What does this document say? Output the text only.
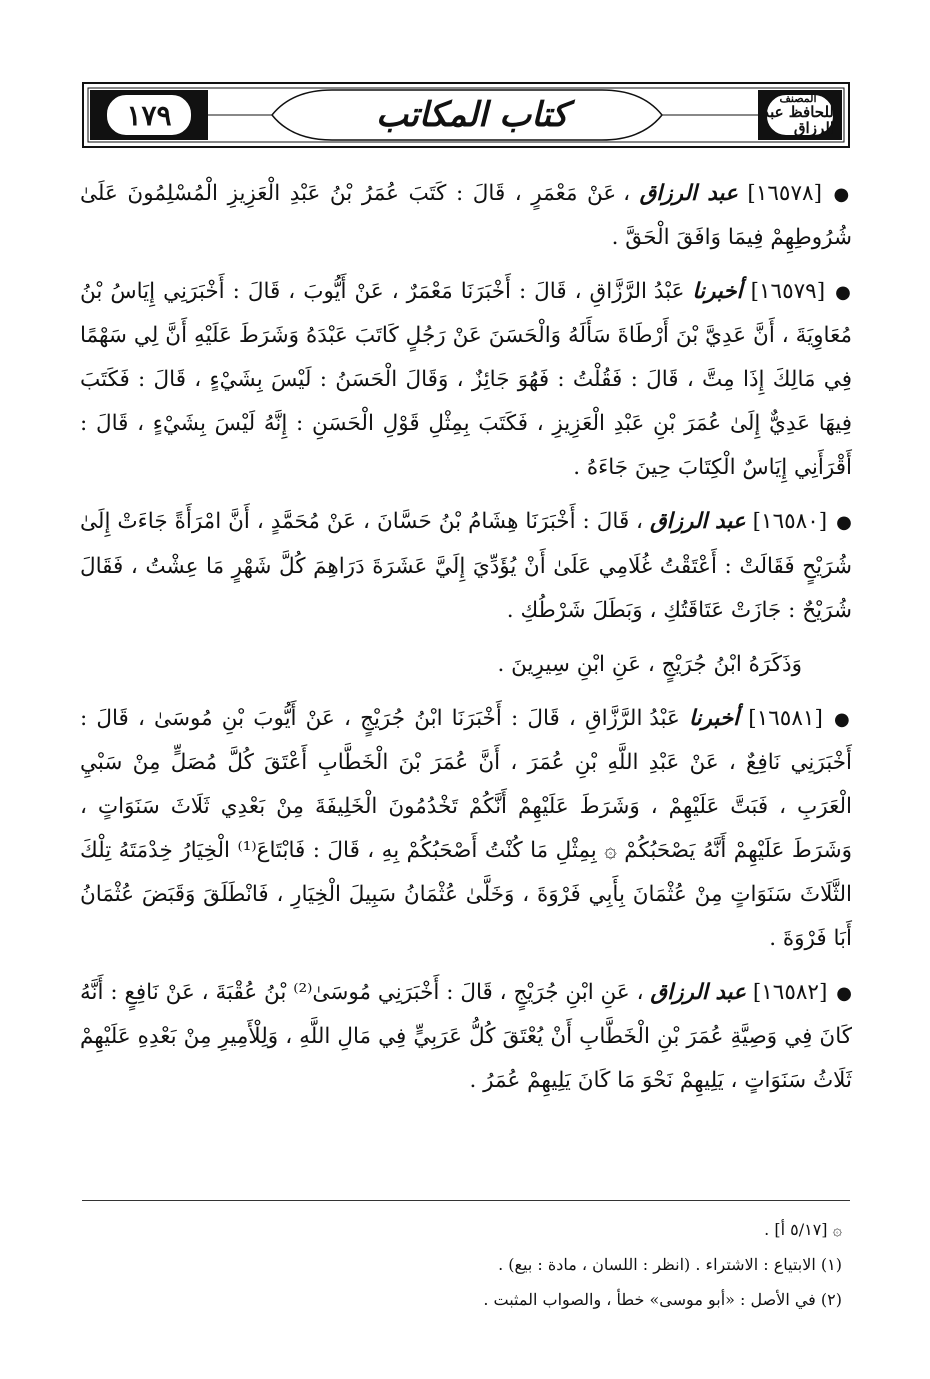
١٧٩	كتاب المكاتب	المصنف
للحافظ عبد الرزاق

● [١٦٥٧٨] عبد الرزاق ، عَنْ مَعْمَرٍ ، قَالَ : كَتَبَ عُمَرُ بْنُ عَبْدِ الْعَزِيزِ الْمُسْلِمُونَ عَلَىٰ شُرُوطِهِمْ فِيمَا وَافَقَ الْحَقَّ .

● [١٦٥٧٩] أخبرنا عَبْدُ الرَّزَّاقِ ، قَالَ : أَخْبَرَنَا مَعْمَرٌ ، عَنْ أَيُّوبَ ، قَالَ : أَخْبَرَنِي إِيَاسُ بْنُ مُعَاوِيَةَ ، أَنَّ عَدِيَّ بْنَ أَرْطَاةَ سَأَلَهُ وَالْحَسَنَ عَنْ رَجُلٍ كَاتَبَ عَبْدَهُ وَشَرَطَ عَلَيْهِ أَنَّ لِي سَهْمًا فِي مَالِكَ إِذَا مِتَّ ، قَالَ : فَقُلْتُ : فَهُوَ جَائِزٌ ، وَقَالَ الْحَسَنُ : لَيْسَ بِشَيْءٍ ، قَالَ : فَكَتَبَ فِيهَا عَدِيٌّ إِلَىٰ عُمَرَ بْنِ عَبْدِ الْعَزِيزِ ، فَكَتَبَ بِمِثْلِ قَوْلِ الْحَسَنِ : إِنَّهُ لَيْسَ بِشَيْءٍ ، قَالَ : أَقْرَأَنِي إِيَاسٌ الْكِتَابَ حِينَ جَاءَهُ .

● [١٦٥٨٠] عبد الرزاق ، قَالَ : أَخْبَرَنَا هِشَامُ بْنُ حَسَّانَ ، عَنْ مُحَمَّدٍ ، أَنَّ امْرَأَةً جَاءَتْ إِلَىٰ شُرَيْحٍ فَقَالَتْ : أَعْتَقْتُ غُلَامِي عَلَىٰ أَنْ يُؤَدِّيَ إِلَيَّ عَشَرَةَ دَرَاهِمَ كُلَّ شَهْرٍ مَا عِشْتُ ، فَقَالَ شُرَيْحٌ : جَازَتْ عَتَاقَتُكِ ، وَبَطَلَ شَرْطُكِ .

وَذَكَرَهُ ابْنُ جُرَيْجٍ ، عَنِ ابْنِ سِيرِينَ .

● [١٦٥٨١] أخبرنا عَبْدُ الرَّزَّاقِ ، قَالَ : أَخْبَرَنَا ابْنُ جُرَيْجٍ ، عَنْ أَيُّوبَ بْنِ مُوسَىٰ ، قَالَ : أَخْبَرَنِي نَافِعٌ ، عَنْ عَبْدِ اللَّهِ بْنِ عُمَرَ ، أَنَّ عُمَرَ بْنَ الْخَطَّابِ أَعْتَقَ كُلَّ مُصَلٍّ مِنْ سَبْيِ الْعَرَبِ ، فَبَتَّ عَلَيْهِمْ ، وَشَرَطَ عَلَيْهِمْ أَنَّكُمْ تَخْدُمُونَ الْخَلِيفَةَ مِنْ بَعْدِي ثَلَاثَ سَنَوَاتٍ ، وَشَرَطَ عَلَيْهِمْ أَنَّهُ يَصْحَبُكُمْ ۞ بِمِثْلِ مَا كُنْتُ أَصْحَبُكُمْ بِهِ ، قَالَ : فَابْتَاعَ⁽¹⁾ الْخِيَارُ خِدْمَتَهُ تِلْكَ الثَّلَاثَ سَنَوَاتٍ مِنْ عُثْمَانَ بِأَبِي فَرْوَةَ ، وَخَلَّىٰ عُثْمَانُ سَبِيلَ الْخِيَارِ ، فَانْطَلَقَ وَقَبَضَ عُثْمَانُ أَبَا فَرْوَةَ .

● [١٦٥٨٢] عبد الرزاق ، عَنِ ابْنِ جُرَيْجٍ ، قَالَ : أَخْبَرَنِي مُوسَىٰ⁽²⁾ بْنُ عُقْبَةَ ، عَنْ نَافِعٍ : أَنَّهُ كَانَ فِي وَصِيَّةِ عُمَرَ بْنِ الْخَطَّابِ أَنْ يُعْتَقَ كُلُّ عَرَبِيٍّ فِي مَالِ اللَّهِ ، وَلِلْأَمِيرِ مِنْ بَعْدِهِ عَلَيْهِمْ ثَلَاثُ سَنَوَاتٍ ، يَلِيهِمْ نَحْوَ مَا كَانَ يَلِيهِمْ عُمَرُ .

۞ [٥/١٧ أ] .
(١) الابتياع : الاشتراء . (انظر : اللسان ، مادة : بيع) .
(٢) في الأصل : «أبو موسى» خطأ ، والصواب المثبت .
